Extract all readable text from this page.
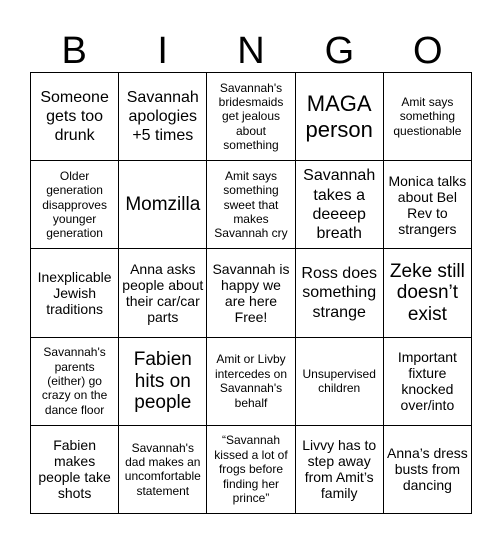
B	I	N	G	O
Someone gets too drunk
Savannah apologies +5 times
Savannah's bridesmaids get jealous about something
MAGA person
Amit says something questionable
Older generation disapproves younger generation
Momzilla
Amit says something sweet that makes Savannah cry
Savannah takes a deeeep breath
Monica talks about Bel Rev to strangers
Inexplicable Jewish traditions
Anna asks people about their car/car parts
Savannah is happy we are here Free!
Ross does something strange
Zeke still doesn’t exist
Savannah's parents (either) go crazy on the dance floor
Fabien hits on people
Amit or Livby intercedes on Savannah's behalf
Unsupervised children
Important fixture knocked over/into
Fabien makes people take shots
Savannah's dad makes an uncomfortable statement
“Savannah kissed a lot of frogs before finding her prince”
Livvy has to step away from Amit’s family
Anna’s dress busts from dancing
